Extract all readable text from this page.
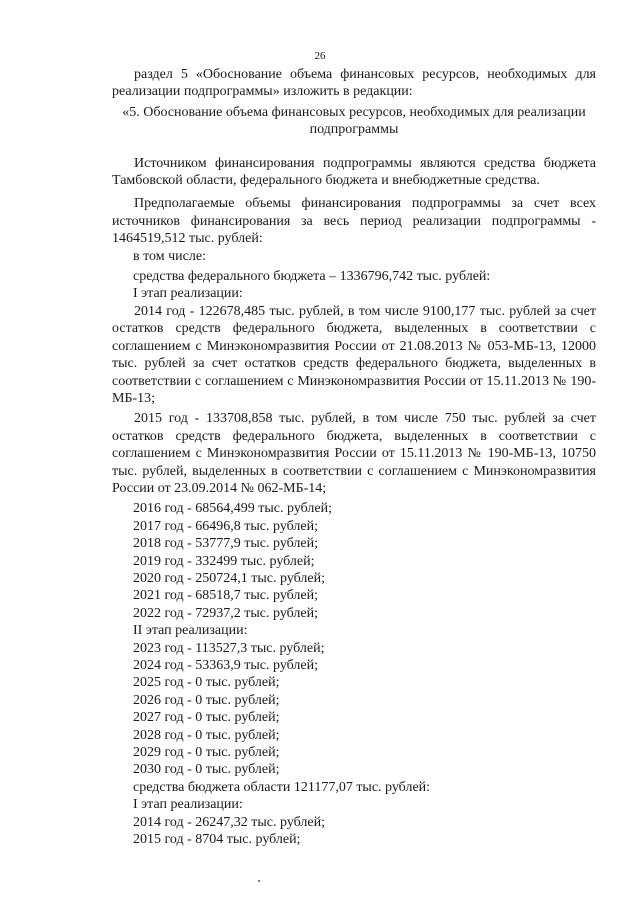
26

раздел 5 «Обоснование объема финансовых ресурсов, необходимых для реализации подпрограммы» изложить в редакции:

«5. Обоснование объема финансовых ресурсов, необходимых для реализации подпрограммы

Источником финансирования подпрограммы являются средства бюджета Тамбовской области, федерального бюджета и внебюджетные средства.

Предполагаемые объемы финансирования подпрограммы за счет всех источников финансирования за весь период реализации подпрограммы - 1464519,512 тыс. рублей:

в том числе:

средства федерального бюджета – 1336796,742 тыс. рублей:

I этап реализации:

2014 год - 122678,485 тыс. рублей, в том числе 9100,177 тыс. рублей за счет остатков средств федерального бюджета, выделенных в соответствии с соглашением с Минэкономразвития России от 21.08.2013 № 053-МБ-13, 12000 тыс. рублей за счет остатков средств федерального бюджета, выделенных в соответствии с соглашением с Минэкономразвития России от 15.11.2013 № 190-МБ-13;

2015 год - 133708,858 тыс. рублей, в том числе 750 тыс. рублей за счет остатков средств федерального бюджета, выделенных в соответствии с соглашением с Минэкономразвития России от 15.11.2013 № 190-МБ-13, 10750 тыс. рублей, выделенных в соответствии с соглашением с Минэкономразвития России от 23.09.2014 № 062-МБ-14;

2016 год - 68564,499 тыс. рублей;

2017 год - 66496,8 тыс. рублей;

2018 год - 53777,9 тыс. рублей;

2019 год - 332499 тыс. рублей;

2020 год - 250724,1 тыс. рублей;

2021 год - 68518,7 тыс. рублей;

2022 год - 72937,2 тыс. рублей;

II этап реализации:

2023 год - 113527,3 тыс. рублей;

2024 год - 53363,9 тыс. рублей;

2025 год - 0 тыс. рублей;

2026 год - 0 тыс. рублей;

2027 год - 0 тыс. рублей;

2028 год - 0 тыс. рублей;

2029 год - 0 тыс. рублей;

2030 год - 0 тыс. рублей;

средства бюджета области 121177,07 тыс. рублей:

I этап реализации:

2014 год - 26247,32 тыс. рублей;

2015 год - 8704 тыс. рублей;
